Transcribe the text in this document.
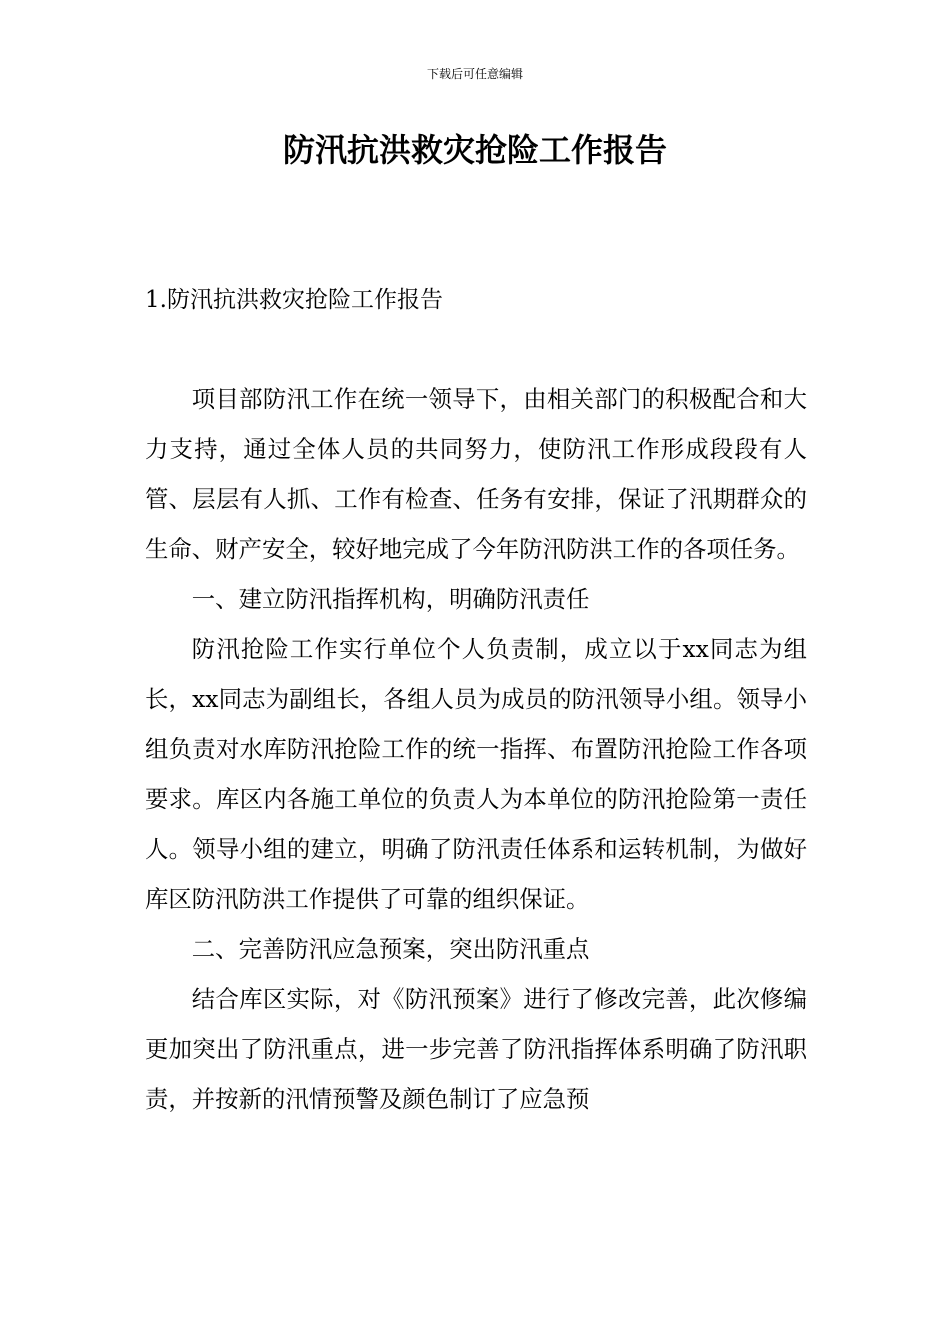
下载后可任意编辑
防汛抗洪救灾抢险工作报告
1.防汛抗洪救灾抢险工作报告

项目部防汛工作在统一领导下，由相关部门的积极配合和大力支持，通过全体人员的共同努力，使防汛工作形成段段有人管、层层有人抓、工作有检查、任务有安排，保证了汛期群众的生命、财产安全，较好地完成了今年防汛防洪工作的各项任务。

一、建立防汛指挥机构，明确防汛责任

防汛抢险工作实行单位个人负责制，成立以于xx同志为组长，xx同志为副组长，各组人员为成员的防汛领导小组。领导小组负责对水库防汛抢险工作的统一指挥、布置防汛抢险工作各项要求。库区内各施工单位的负责人为本单位的防汛抢险第一责任人。领导小组的建立，明确了防汛责任体系和运转机制，为做好库区防汛防洪工作提供了可靠的组织保证。

二、完善防汛应急预案，突出防汛重点

结合库区实际，对《防汛预案》进行了修改完善，此次修编更加突出了防汛重点，进一步完善了防汛指挥体系明确了防汛职责，并按新的汛情预警及颜色制订了应急预
